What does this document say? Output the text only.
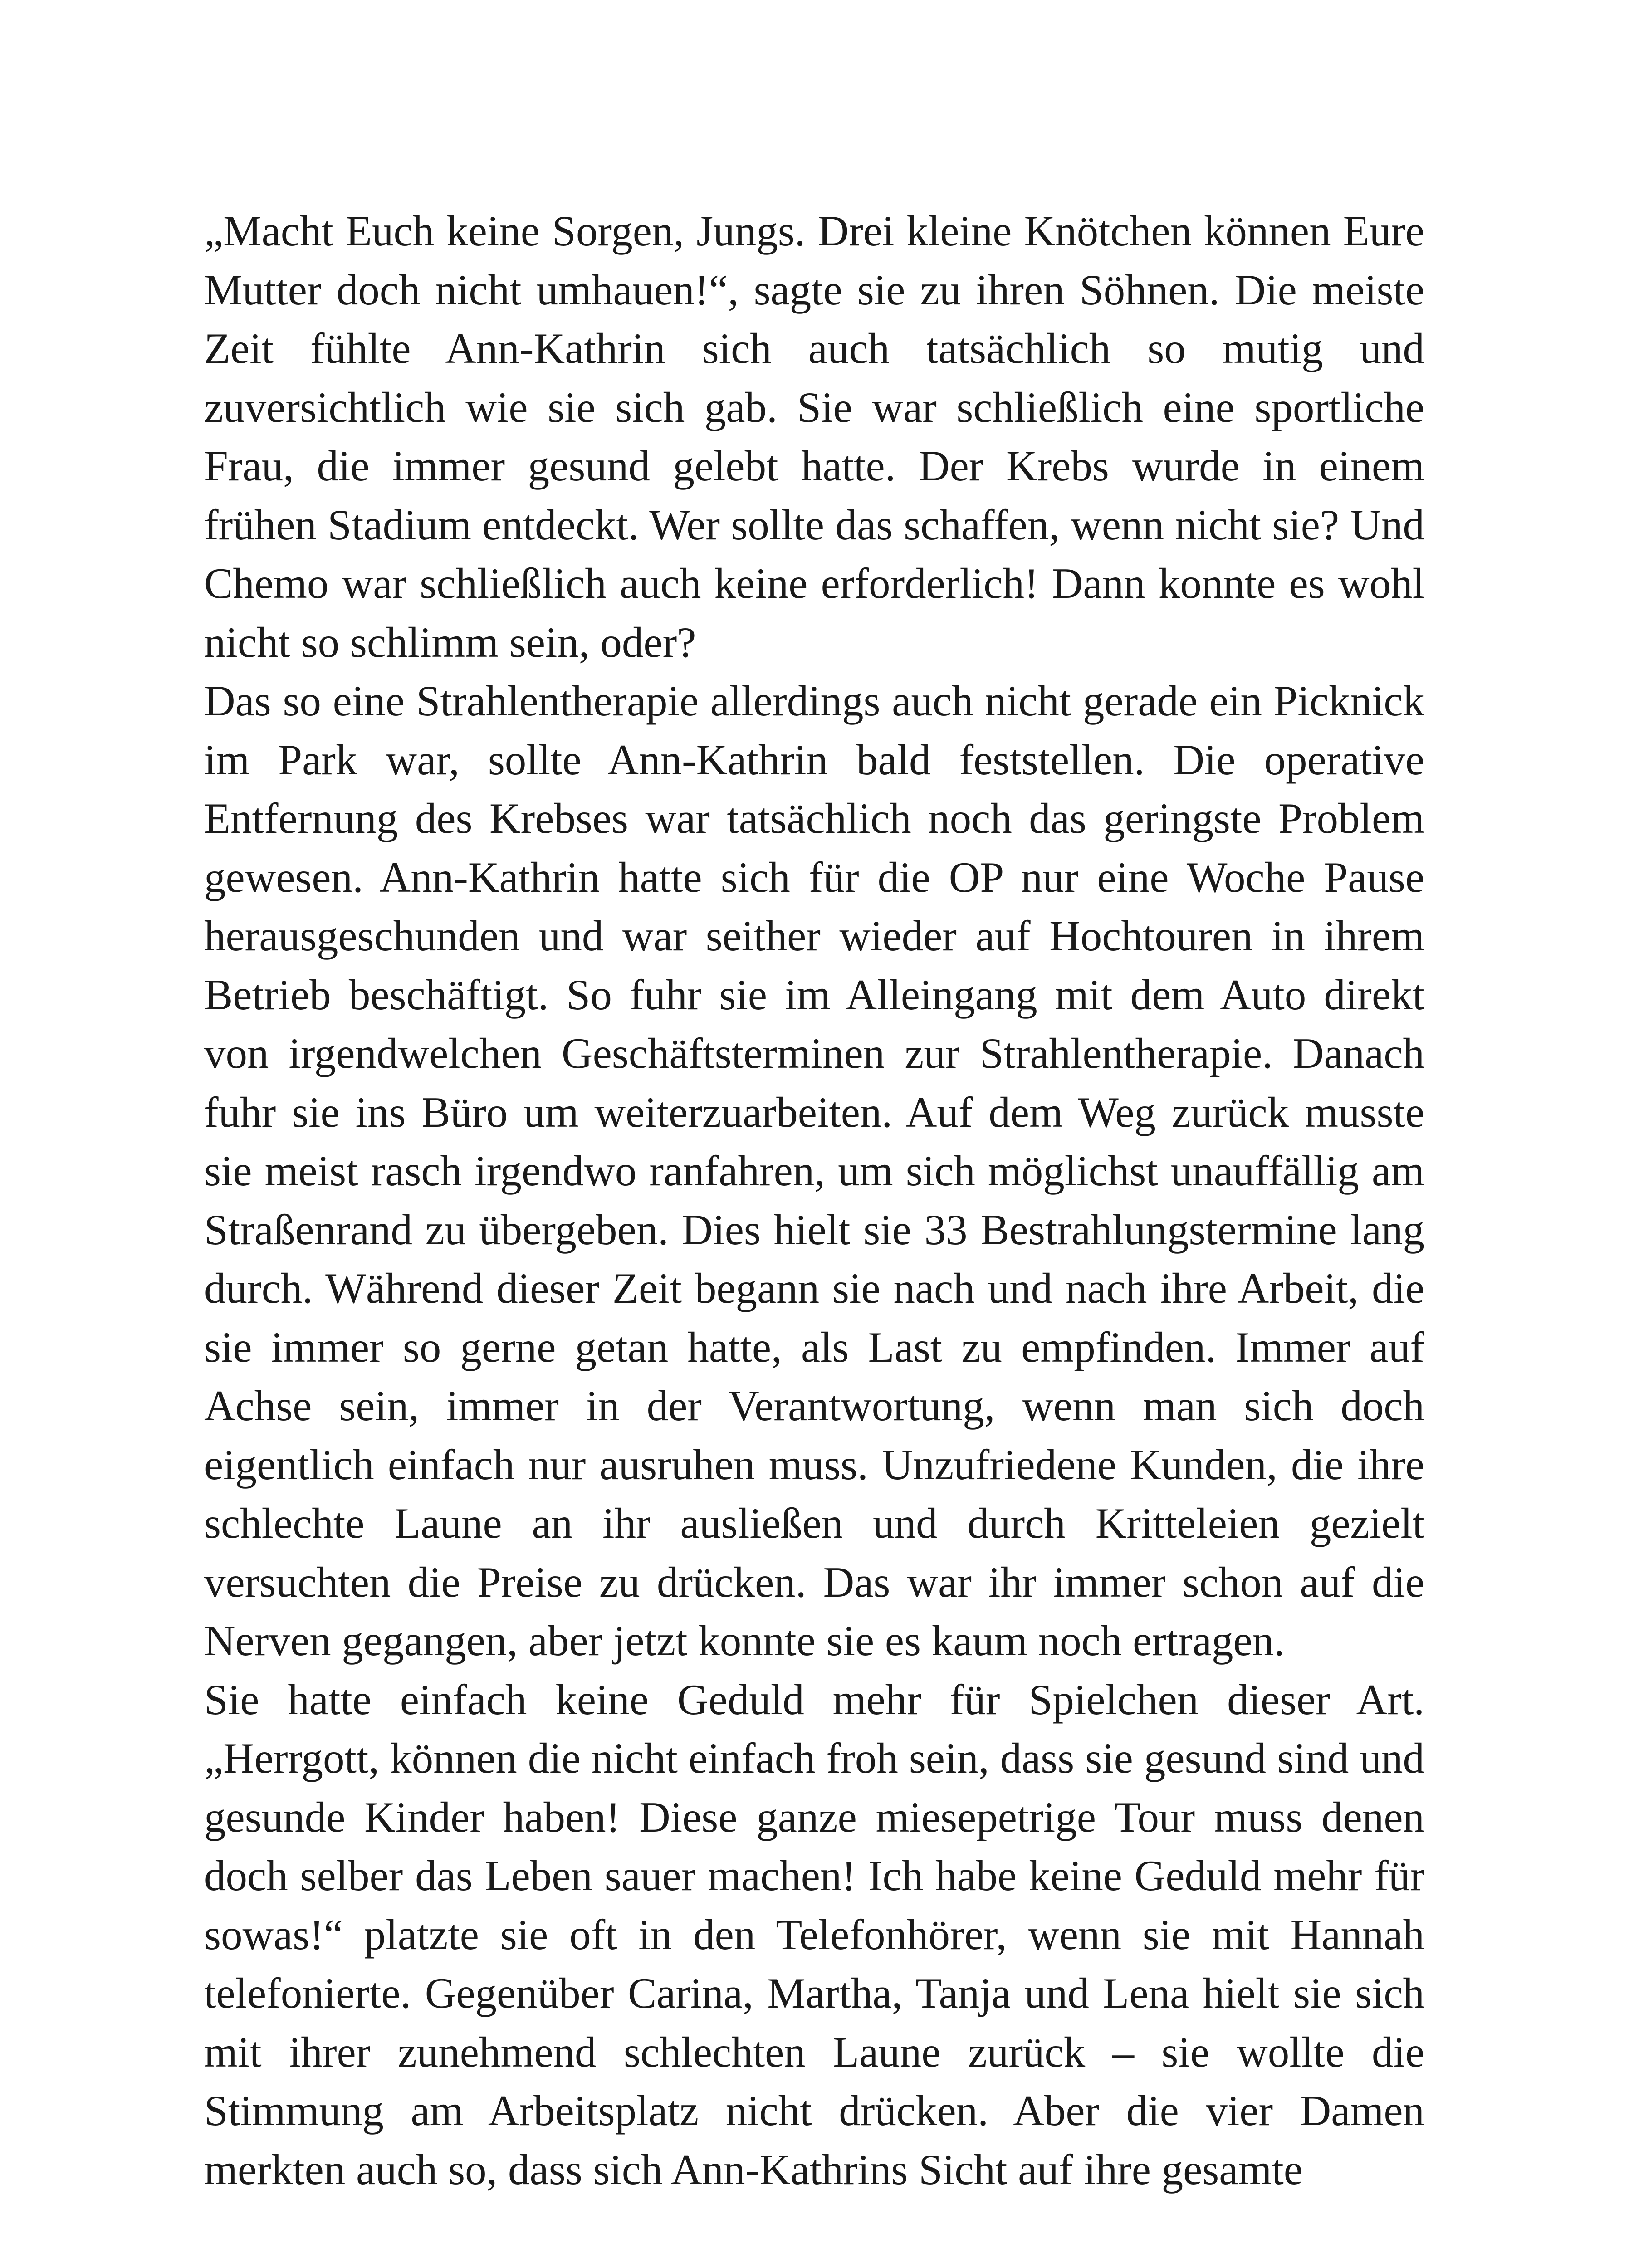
„Macht Euch keine Sorgen, Jungs. Drei kleine Knötchen können Eure Mutter doch nicht umhauen!“, sagte sie zu ihren Söhnen. Die meiste Zeit fühlte Ann-Kathrin sich auch tatsächlich so mutig und zuversichtlich wie sie sich gab. Sie war schließlich eine sportliche Frau, die immer gesund gelebt hatte. Der Krebs wurde in einem frühen Stadium entdeckt. Wer sollte das schaffen, wenn nicht sie? Und Chemo war schließlich auch keine erforderlich! Dann konnte es wohl nicht so schlimm sein, oder?

Das so eine Strahlentherapie allerdings auch nicht gerade ein Picknick im Park war, sollte Ann-Kathrin bald feststellen. Die operative Entfernung des Krebses war tatsächlich noch das geringste Problem gewesen. Ann-Kathrin hatte sich für die OP nur eine Woche Pause herausgeschunden und war seither wieder auf Hochtouren in ihrem Betrieb beschäftigt. So fuhr sie im Alleingang mit dem Auto direkt von irgendwelchen Geschäftsterminen zur Strahlentherapie. Danach fuhr sie ins Büro um weiterzuarbeiten. Auf dem Weg zurück musste sie meist rasch irgendwo ranfahren, um sich möglichst unauffällig am Straßenrand zu übergeben. Dies hielt sie 33 Bestrahlungstermine lang durch. Während dieser Zeit begann sie nach und nach ihre Arbeit, die sie immer so gerne getan hatte, als Last zu empfinden. Immer auf Achse sein, immer in der Verantwortung, wenn man sich doch eigentlich einfach nur ausruhen muss. Unzufriedene Kunden, die ihre schlechte Laune an ihr ausließen und durch Kritteleien gezielt versuchten die Preise zu drücken. Das war ihr immer schon auf die Nerven gegangen, aber jetzt konnte sie es kaum noch ertragen.

Sie hatte einfach keine Geduld mehr für Spielchen dieser Art. „Herrgott, können die nicht einfach froh sein, dass sie gesund sind und gesunde Kinder haben! Diese ganze miesepetrige Tour muss denen doch selber das Leben sauer machen! Ich habe keine Geduld mehr für sowas!“ platzte sie oft in den Telefonhörer, wenn sie mit Hannah telefonierte. Gegenüber Carina, Martha, Tanja und Lena hielt sie sich mit ihrer zunehmend schlechten Laune zurück – sie wollte die Stimmung am Arbeitsplatz nicht drücken. Aber die vier Damen merkten auch so, dass sich Ann-Kathrins Sicht auf ihre gesamte
